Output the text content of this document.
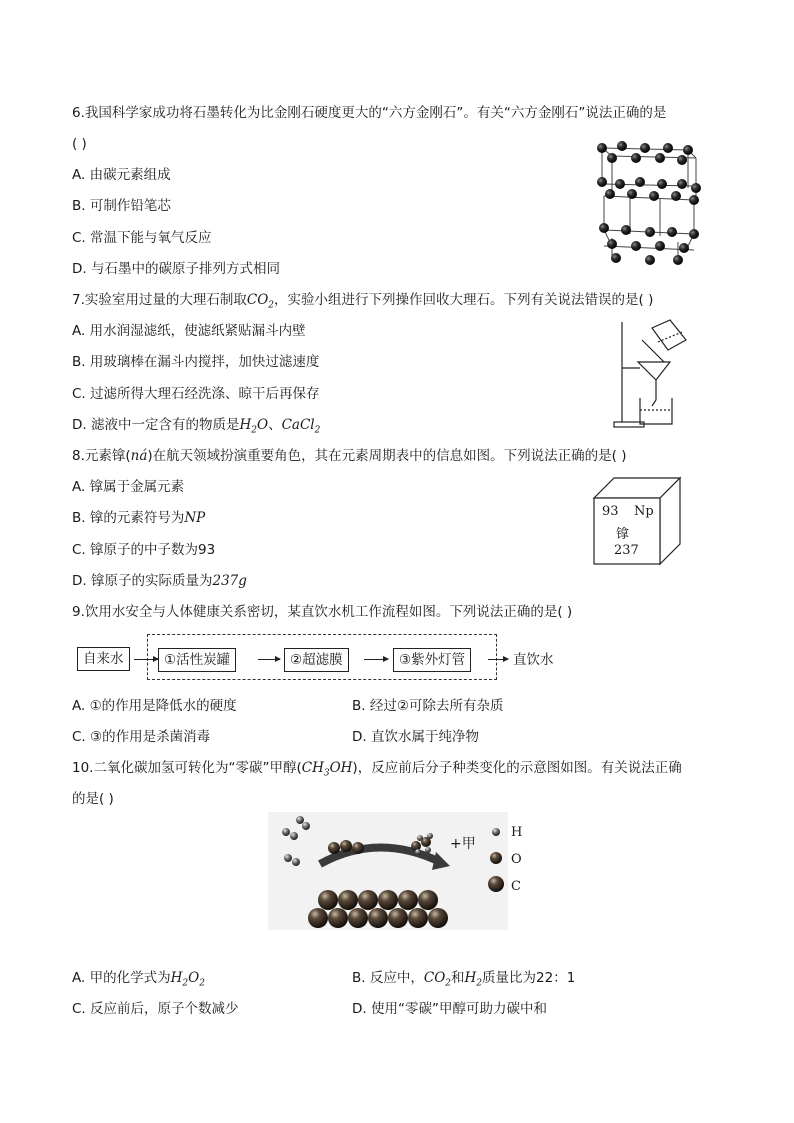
6.我国科学家成功将石墨转化为比金刚石硬度更大的“六方金刚石”。有关“六方金刚石”说法正确的是
( )
A. 由碳元素组成
B. 可制作铅笔芯
C. 常温下能与氧气反应
D. 与石墨中的碳原子排列方式相同
7.实验室用过量的大理石制取$CO_2$，实验小组进行下列操作回收大理石。下列有关说法错误的是( )
A. 用水润湿滤纸，使滤纸紧贴漏斗内壁
B. 用玻璃棒在漏斗内搅拌，加快过滤速度
C. 过滤所得大理石经洗涤、晾干后再保存
D. 滤液中一定含有的物质是$H_2O$、CaCl$_2$
8.元素镎(ná)在航天领域扮演重要角色，其在元素周期表中的信息如图。下列说法正确的是( )
A. 镎属于金属元素
B. 镎的元素符号为NP
C. 镎原子的中子数为93
D. 镎原子的实际质量为237g
93 Np
镎
237
9.饮用水安全与人体健康关系密切，某直饮水机工作流程如图。下列说法正确的是( )
自来水	①活性炭罐	②超滤膜	③紫外灯管	直饮水
A. ①的作用是降低水的硬度	B. 经过②可除去所有杂质
C. ③的作用是杀菌消毒	D. 直饮水属于纯净物
10.二氧化碳加氢可转化为“零碳”甲醇$(CH_3OH)$，反应前后分子种类变化的示意图如图。有关说法正确
的是( )
+甲
H
O
C
A. 甲的化学式为$H_2O_2$	B. 反应中，$CO_2$和$H_2$质量比为22：1
C. 反应前后，原子个数减少	D. 使用“零碳”甲醇可助力碳中和
